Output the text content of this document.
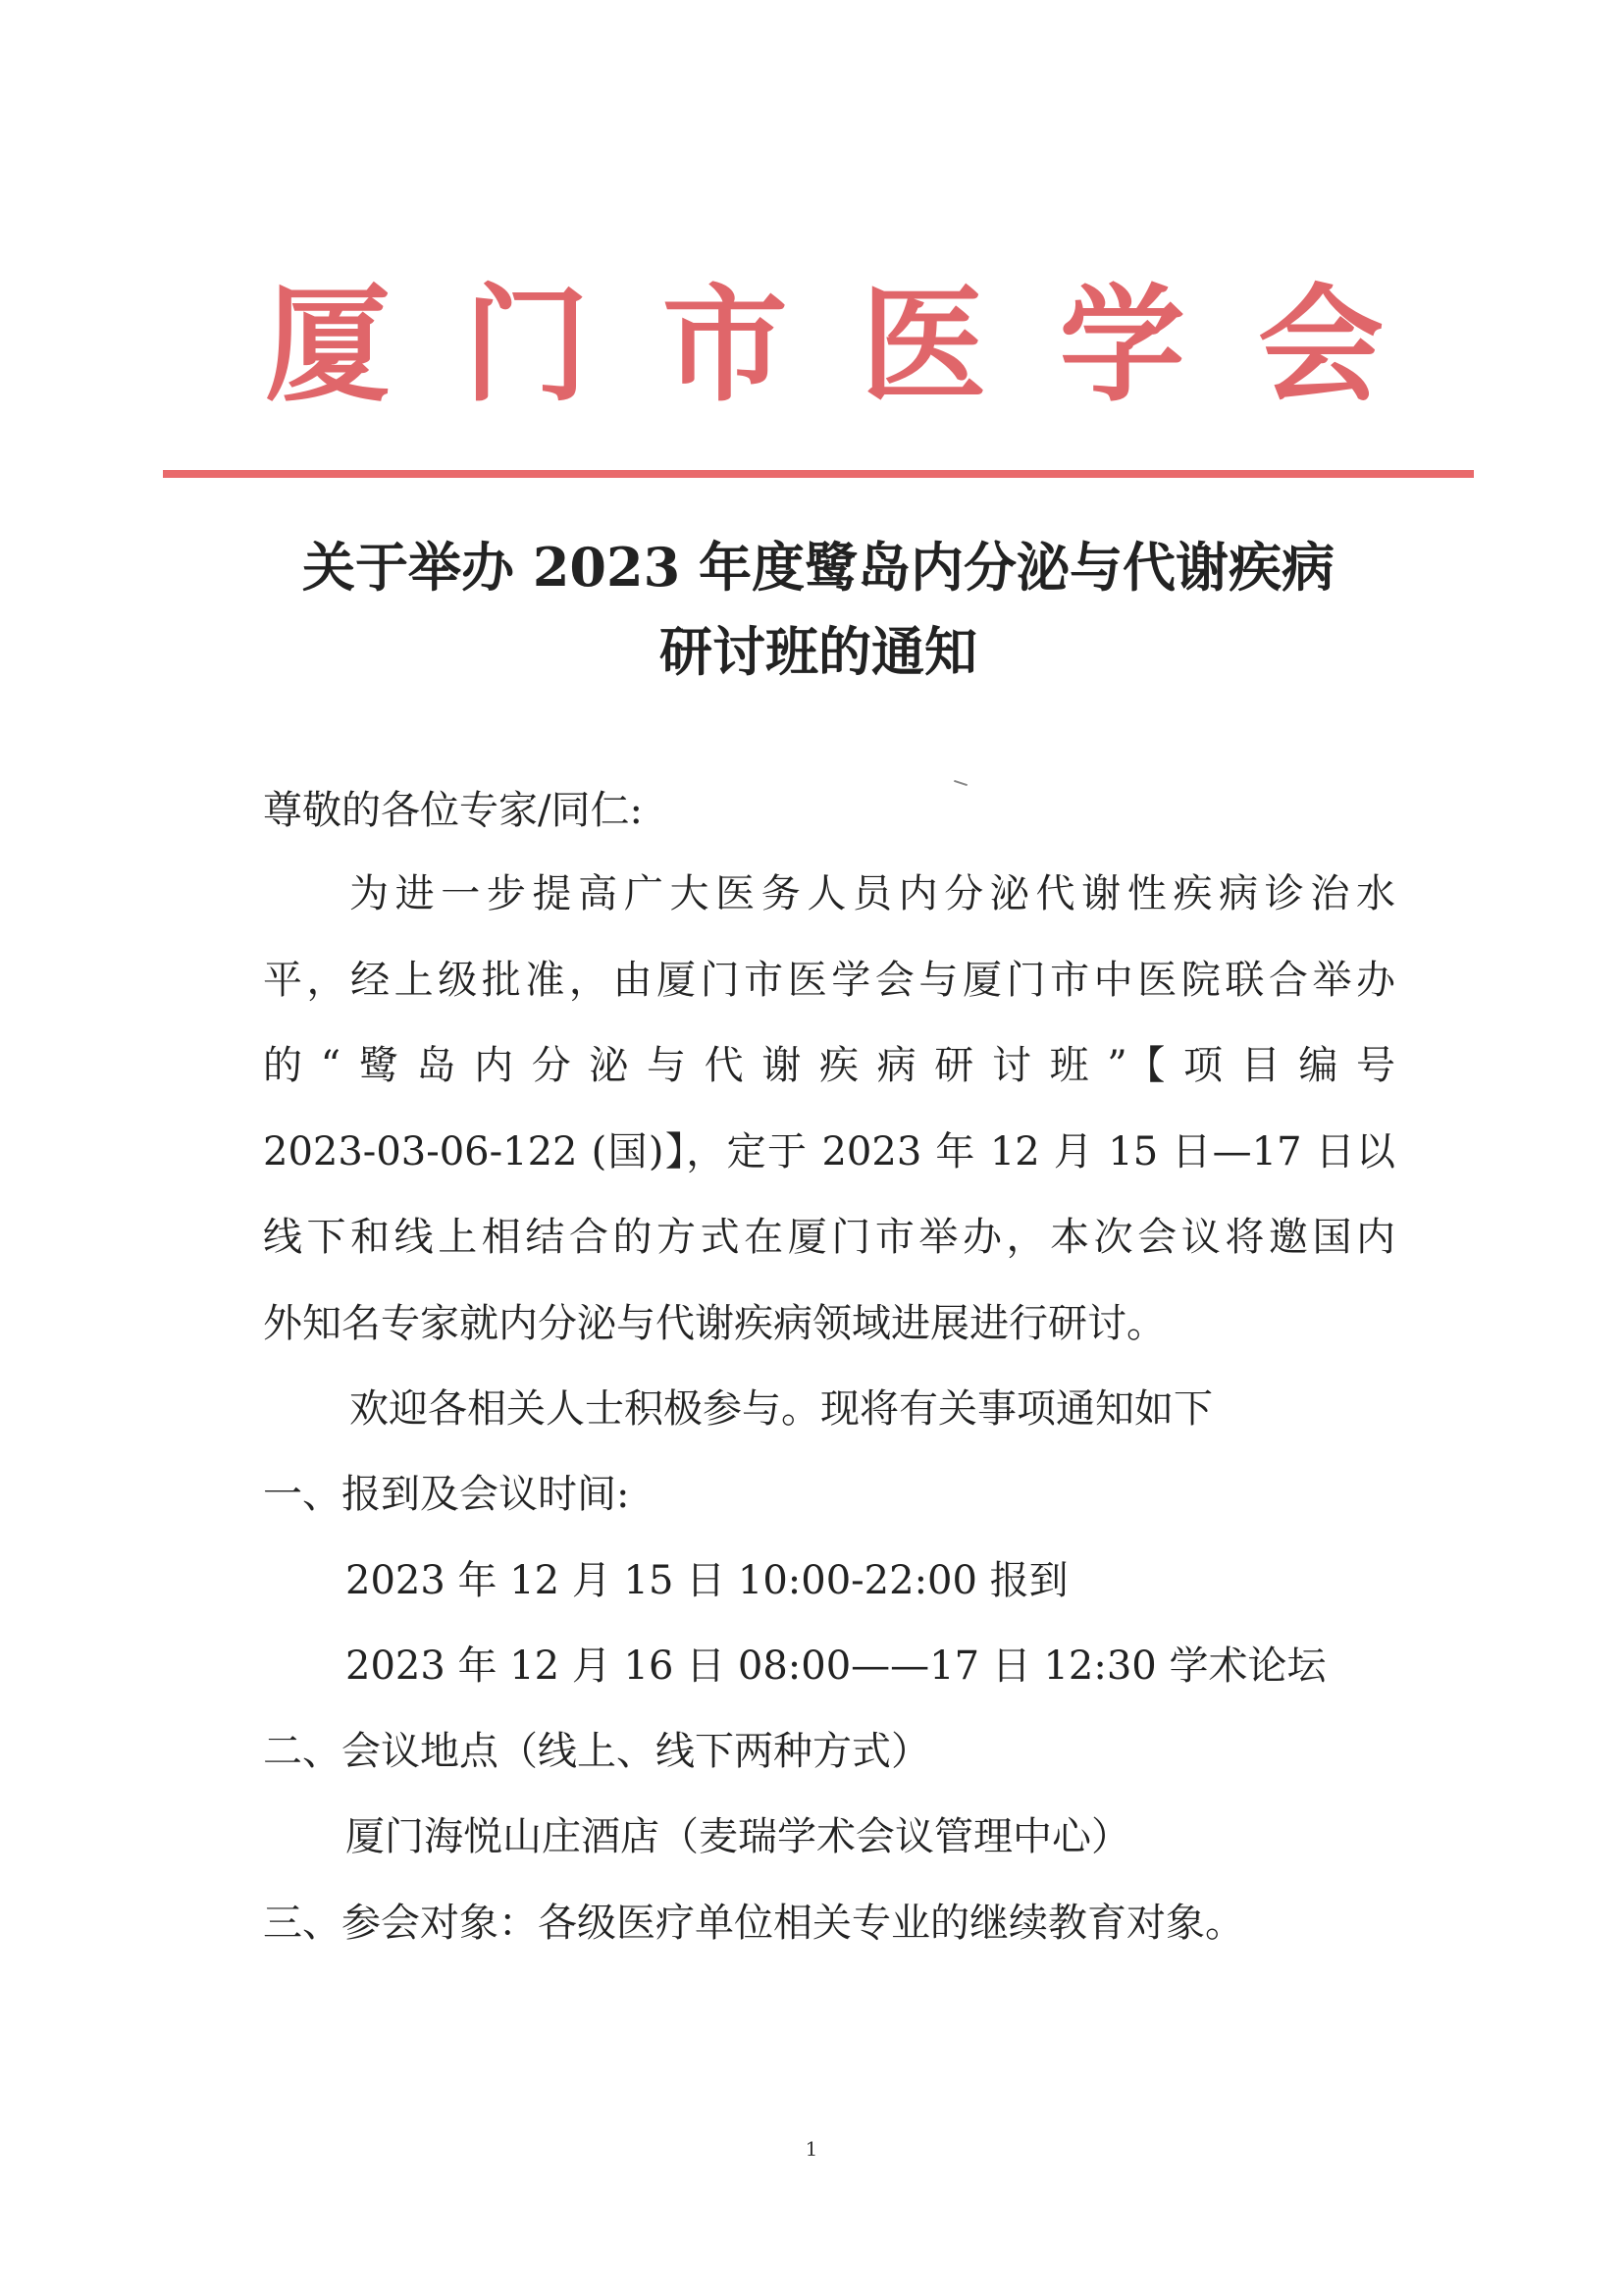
厦 门 市 医 学 会
关于举办 2023 年度鹭岛内分泌与代谢疾病
研讨班的通知
尊敬的各位专家/同仁:
为进一步提高广大医务人员内分泌代谢性疾病诊治水
平，经上级批准，由厦门市医学会与厦门市中医院联合举办
的“鹭岛内分泌与代谢疾病研讨班”【项目编号
2023-03-06-122 (国)】，定于 2023 年 12 月 15 日—17 日以
线下和线上相结合的方式在厦门市举办，本次会议将邀国内
外知名专家就内分泌与代谢疾病领域进展进行研讨。
欢迎各相关人士积极参与。现将有关事项通知如下
一、报到及会议时间:
2023 年 12 月 15 日 10:00-22:00 报到
2023 年 12 月 16 日 08:00——17 日 12:30 学术论坛
二、会议地点（线上、线下两种方式）
厦门海悦山庄酒店（麦瑞学术会议管理中心）
三、参会对象：各级医疗单位相关专业的继续教育对象。
1
